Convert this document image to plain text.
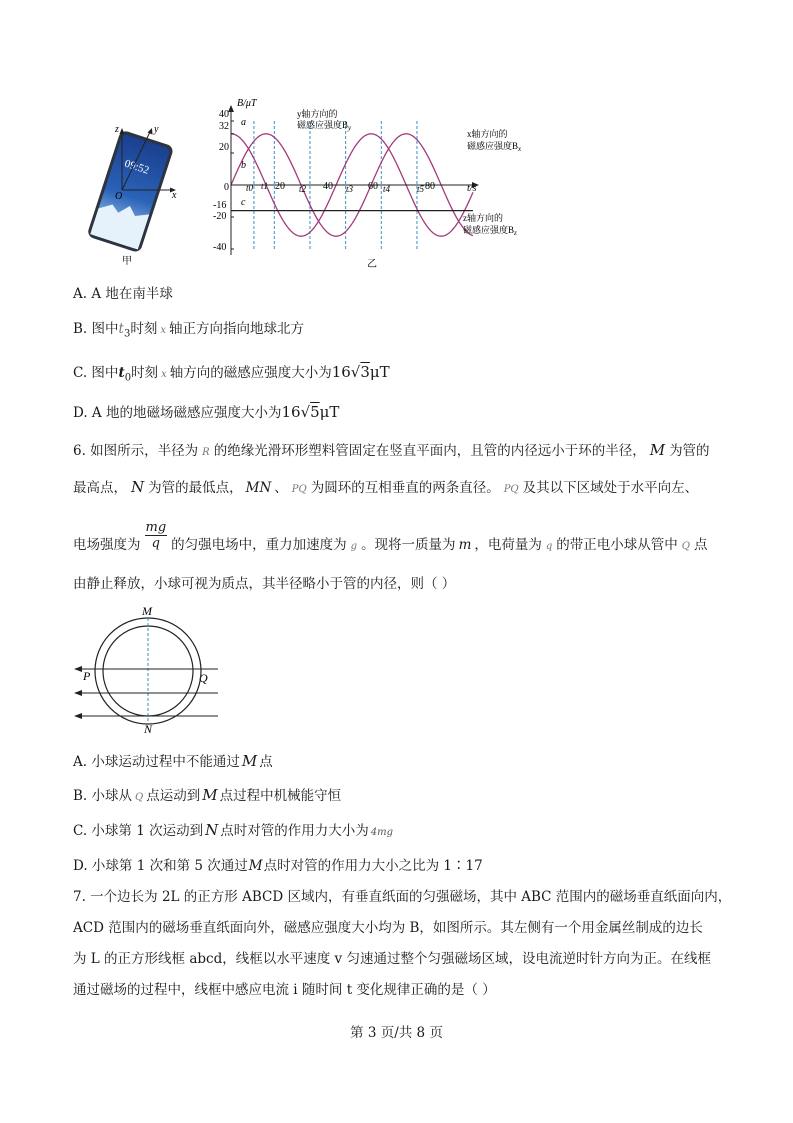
09:52
z	y
x
O
甲
B/μT
t/s
40
32
20
0
-16
-20
-40
20	40	60	80
t0 t1	t2	t3	t4	t5
a
b
c
y轴方向的
磁感应强度$B_y$
x轴方向的
磁感应强度$B_x$
z轴方向的
磁感应强度$B_z$
乙
A. A 地在南半球
B. 图中$t_3$时刻 x 轴正方向指向地球北方
C. 图中$t_0$时刻 x 轴方向的磁感应强度大小为16√3μT
D. A 地的地磁场磁感应强度大小为16√5μT
6. 如图所示，半径为 R 的绝缘光滑环形塑料管固定在竖直平面内，且管的内径远小于环的半径， M 为管的
最高点， N 为管的最低点， MN 、 PQ 为圆环的互相垂直的两条直径。 PQ 及其以下区域处于水平向左、
电场强度为 $\frac{mg}{q}$ 的匀强电场中，重力加速度为 $_g$ 。现将一质量为 m ，电荷量为 $_q$ 的带正电小球从管中 $_Q$ 点
由静止释放，小球可视为质点，其半径略小于管的内径，则（ ）
M
N
P	Q
A. 小球运动过程中不能通过 M 点
B. 小球从 Q 点运动到 M 点过程中机械能守恒
C. 小球第 1 次运动到 N 点时对管的作用力大小为 4mg
D. 小球第 1 次和第 5 次通过M点时对管的作用力大小之比为 1∶17
7. 一个边长为 2L 的正方形 ABCD 区域内，有垂直纸面的匀强磁场，其中 ABC 范围内的磁场垂直纸面向内，
ACD 范围内的磁场垂直纸面向外，磁感应强度大小均为 B，如图所示。其左侧有一个用金属丝制成的边长
为 L 的正方形线框 abcd，线框以水平速度 v 匀速通过整个匀强磁场区域，设电流逆时针方向为正。在线框
通过磁场的过程中，线框中感应电流 i 随时间 t 变化规律正确的是（ ）
第 3 页/共 8 页
